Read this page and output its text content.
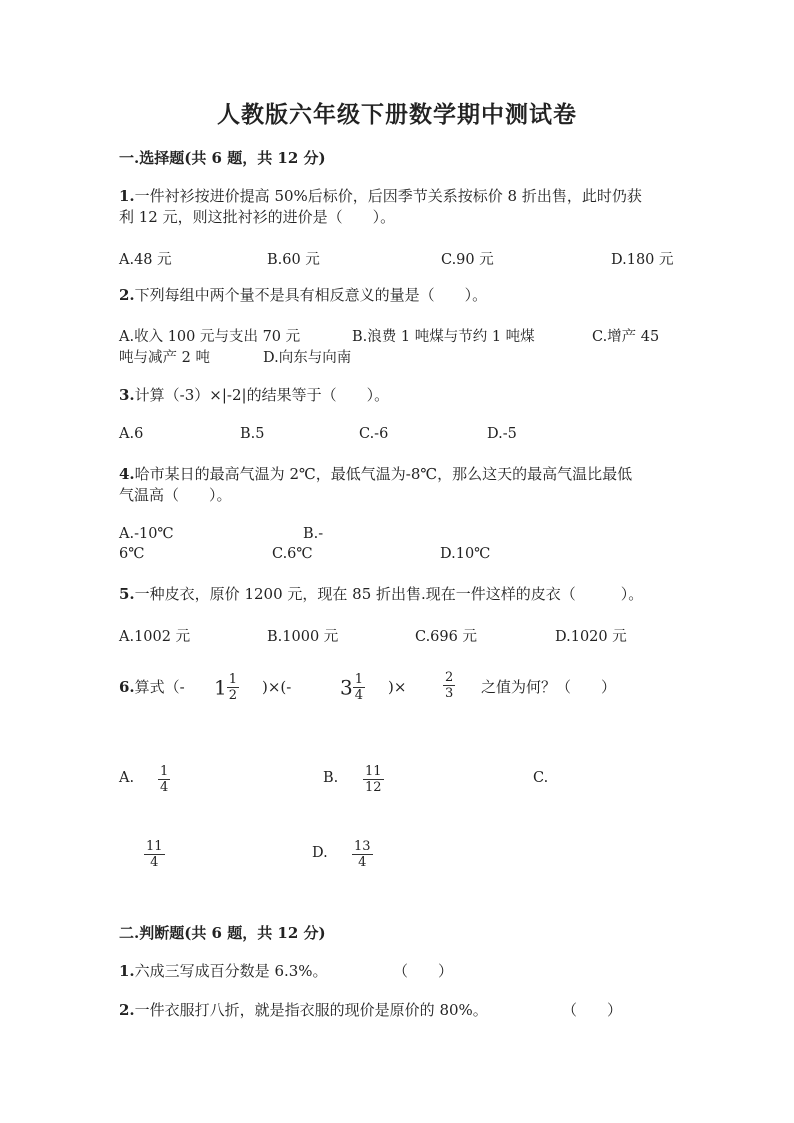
人教版六年级下册数学期中测试卷
一.选择题(共 6 题，共 12 分)
1.一件衬衫按进价提高 50%后标价，后因季节关系按标价 8 折出售，此时仍获
利 12 元，则这批衬衫的进价是（　　）。
A.48 元	B.60 元	C.90 元	D.180 元
2.下列每组中两个量不是具有相反意义的量是（　　）。
A.收入 100 元与支出 70 元	B.浪费 1 吨煤与节约 1 吨煤	C.增产 45
吨与减产 2 吨	D.向东与向南
3.计算（-3）×|-2|的结果等于（　　）。
A.6	B.5	C.-6	D.-5
4.哈市某日的最高气温为 2℃，最低气温为-8℃，那么这天的最高气温比最低
气温高（　　）。
A.-10℃	B.-
6℃	C.6℃	D.10℃
5.一种皮衣，原价 1200 元，现在 85 折出售.现在一件这样的皮衣（　　　）。
A.1002 元	B.1000 元	C.696 元	D.1020 元
6.算式（- $1 \frac{1}{2}$ )×(- $3 \frac{1}{4}$ )×	$\frac{2}{3}$ 之值为何？（　　）
A. $\frac{1}{4}$	B. $\frac{11}{12}$	C.
$\frac{11}{4}$	D. $\frac{13}{4}$
二.判断题(共 6 题，共 12 分)
1.六成三写成百分数是 6.3%。	（　　）
2.一件衣服打八折，就是指衣服的现价是原价的 80%。	（　　）
